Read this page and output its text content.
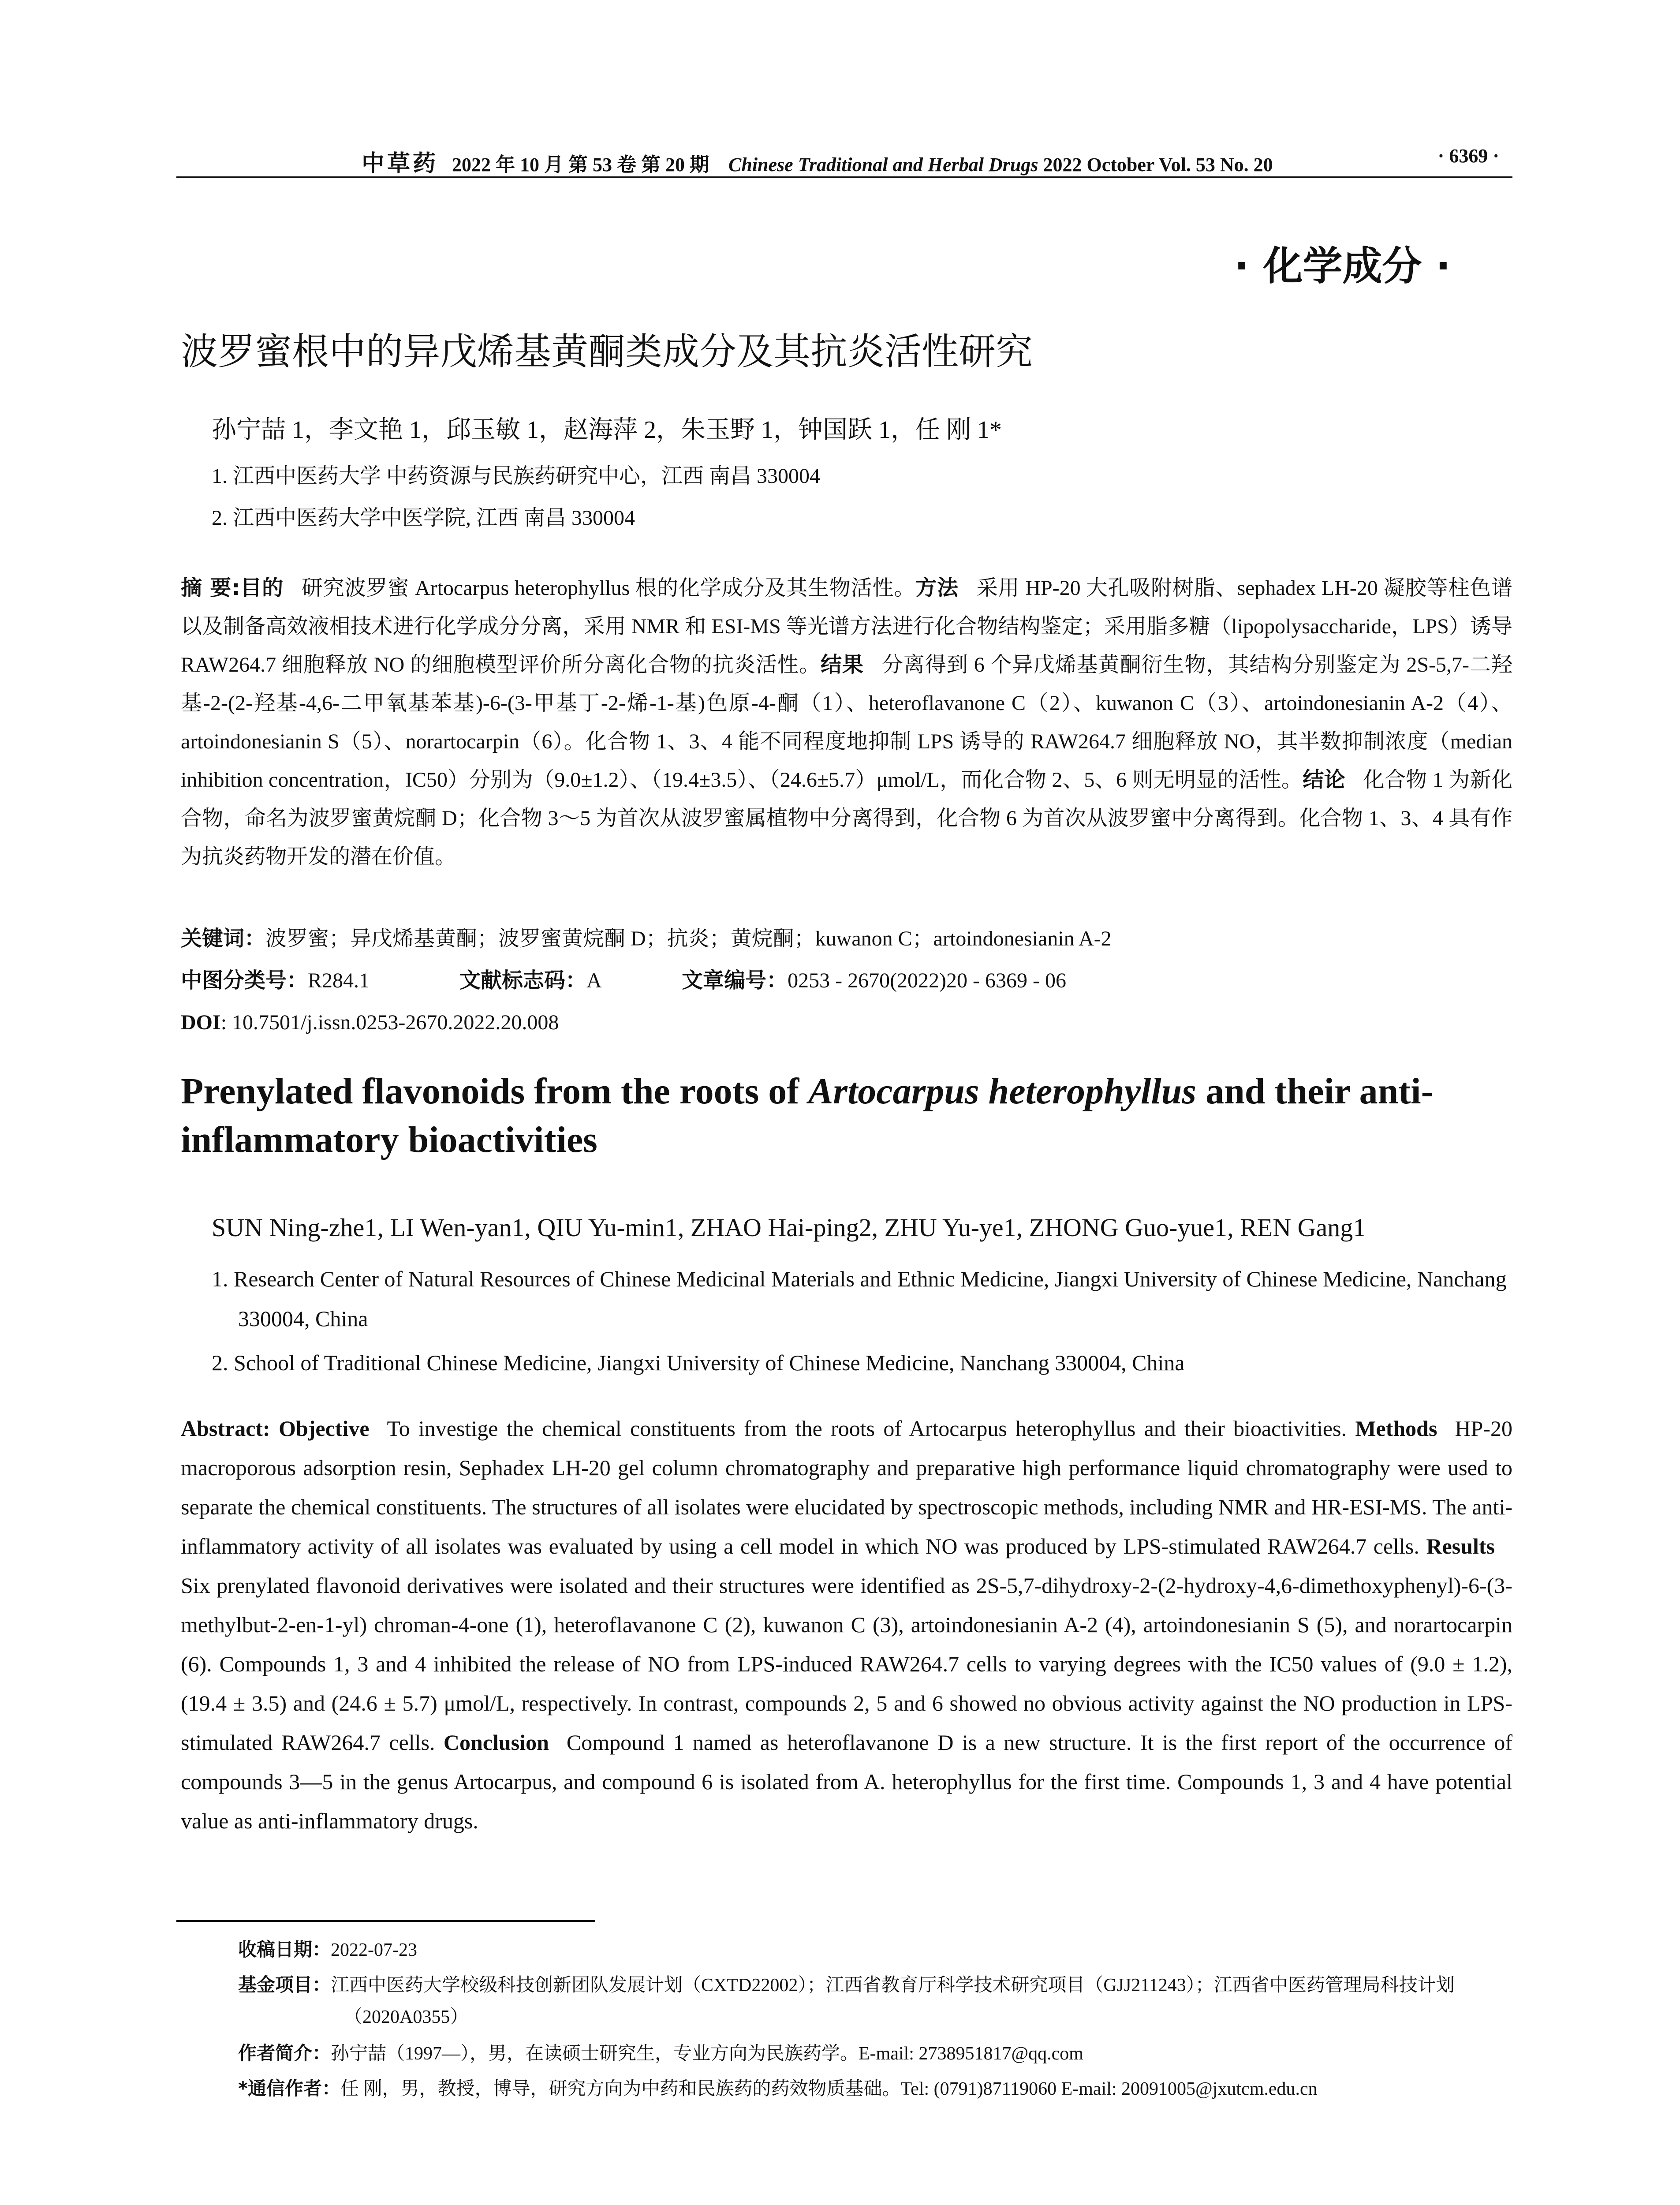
中草药 2022 年 10 月 第 53 卷 第 20 期 Chinese Traditional and Herbal Drugs 2022 October Vol. 53 No. 20	· 6369 ·
· 化学成分 ·
波罗蜜根中的异戊烯基黄酮类成分及其抗炎活性研究
孙宁喆 1，李文艳 1，邱玉敏 1，赵海萍 2，朱玉野 1，钟国跃 1，任 刚 1*
1. 江西中医药大学 中药资源与民族药研究中心，江西 南昌 330004
2. 江西中医药大学中医学院, 江西 南昌 330004
摘 要:目的 研究波罗蜜 Artocarpus heterophyllus 根的化学成分及其生物活性。方法 采用 HP-20 大孔吸附树脂、sephadex LH-20 凝胶等柱色谱以及制备高效液相技术进行化学成分分离，采用 NMR 和 ESI-MS 等光谱方法进行化合物结构鉴定；采用脂多糖（lipopolysaccharide，LPS）诱导 RAW264.7 细胞释放 NO 的细胞模型评价所分离化合物的抗炎活性。结果 分离得到 6 个异戊烯基黄酮衍生物，其结构分别鉴定为 2S-5,7-二羟基-2-(2-羟基-4,6-二甲氧基苯基)-6-(3-甲基丁-2-烯-1-基)色原-4-酮（1）、heteroflavanone C（2）、kuwanon C（3）、artoindonesianin A-2（4）、artoindonesianin S（5）、norartocarpin（6）。化合物 1、3、4 能不同程度地抑制 LPS 诱导的 RAW264.7 细胞释放 NO，其半数抑制浓度（median inhibition concentration，IC50）分别为（9.0±1.2）、（19.4±3.5）、（24.6±5.7）μmol/L，而化合物 2、5、6 则无明显的活性。结论 化合物 1 为新化合物，命名为波罗蜜黄烷酮 D；化合物 3～5 为首次从波罗蜜属植物中分离得到，化合物 6 为首次从波罗蜜中分离得到。化合物 1、3、4 具有作为抗炎药物开发的潜在价值。
关键词：波罗蜜；异戊烯基黄酮；波罗蜜黄烷酮 D；抗炎；黄烷酮；kuwanon C；artoindonesianin A-2
中图分类号：R284.1	文献标志码：A	文章编号：0253 - 2670(2022)20 - 6369 - 06
DOI: 10.7501/j.issn.0253-2670.2022.20.008
Prenylated flavonoids from the roots of Artocarpus heterophyllus and their anti-inflammatory bioactivities
SUN Ning-zhe1, LI Wen-yan1, QIU Yu-min1, ZHAO Hai-ping2, ZHU Yu-ye1, ZHONG Guo-yue1, REN Gang1
1. Research Center of Natural Resources of Chinese Medicinal Materials and Ethnic Medicine, Jiangxi University of Chinese Medicine, Nanchang 330004, China
2. School of Traditional Chinese Medicine, Jiangxi University of Chinese Medicine, Nanchang 330004, China
Abstract: Objective To investige the chemical constituents from the roots of Artocarpus heterophyllus and their bioactivities. Methods HP-20 macroporous adsorption resin, Sephadex LH-20 gel column chromatography and preparative high performance liquid chromatography were used to separate the chemical constituents. The structures of all isolates were elucidated by spectroscopic methods, including NMR and HR-ESI-MS. The anti-inflammatory activity of all isolates was evaluated by using a cell model in which NO was produced by LPS-stimulated RAW264.7 cells. ResultsSix prenylated flavonoid derivatives were isolated and their structures were identified as 2S-5,7-dihydroxy-2-(2-hydroxy-4,6-dimethoxyphenyl)-6-(3-methylbut-2-en-1-yl) chroman-4-one (1), heteroflavanone C (2), kuwanon C (3), artoindonesianin A-2 (4), artoindonesianin S (5), and norartocarpin (6). Compounds 1, 3 and 4 inhibited the release of NO from LPS-induced RAW264.7 cells to varying degrees with the IC50 values of (9.0 ± 1.2), (19.4 ± 3.5) and (24.6 ± 5.7) μmol/L, respectively. In contrast, compounds 2, 5 and 6 showed no obvious activity against the NO production in LPS-stimulated RAW264.7 cells. Conclusion Compound 1 named as heteroflavanone D is a new structure. It is the first report of the occurrence of compounds 3—5 in the genus Artocarpus, and compound 6 is isolated from A. heterophyllus for the first time. Compounds 1, 3 and 4 have potential value as anti-inflammatory drugs.
收稿日期：2022-07-23
基金项目：江西中医药大学校级科技创新团队发展计划（CXTD22002）；江西省教育厅科学技术研究项目（GJJ211243）；江西省中医药管理局科技计划（2020A0355）
作者简介：孙宁喆（1997—），男，在读硕士研究生，专业方向为民族药学。E-mail: 2738951817@qq.com
*通信作者：任 刚，男，教授，博导，研究方向为中药和民族药的药效物质基础。Tel: (0791)87119060 E-mail: 20091005@jxutcm.edu.cn
